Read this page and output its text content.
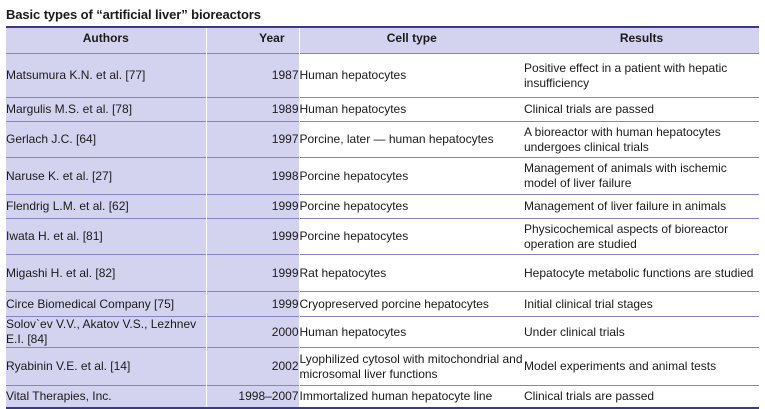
Basic types of “artificial liver” bioreactors
Authors	Year	Cell type	Results
Matsumura K.N. et al. [77]	1987	Human hepatocytes	Positive effect in a patient with hepatic insufficiency
Margulis M.S. et al. [78]	1989	Human hepatocytes	Clinical trials are passed
Gerlach J.C. [64]	1997	Porcine, later — human hepatocytes	A bioreactor with human hepatocytes undergoes clinical trials
Naruse K. et al. [27]	1998	Porcine hepatocytes	Management of animals with ischemic model of liver failure
Flendrig L.M. et al. [62]	1999	Porcine hepatocytes	Management of liver failure in animals
Iwata H. et al. [81]	1999	Porcine hepatocytes	Physicochemical aspects of bioreactor operation are studied
Migashi H. et al. [82]	1999	Rat hepatocytes	Hepatocyte metabolic functions are studied
Circe Biomedical Company [75]	1999	Cryopreserved porcine hepatocytes	Initial clinical trial stages
Solov`ev V.V., Akatov V.S., Lezhnev E.I. [84]	2000	Human hepatocytes	Under clinical trials
Ryabinin V.E. et al. [14]	2002	Lyophilized cytosol with mitochondrial and microsomal liver functions	Model experiments and animal tests
Vital Therapies, Inc.	1998–2007	Immortalized human hepatocyte line	Clinical trials are passed
